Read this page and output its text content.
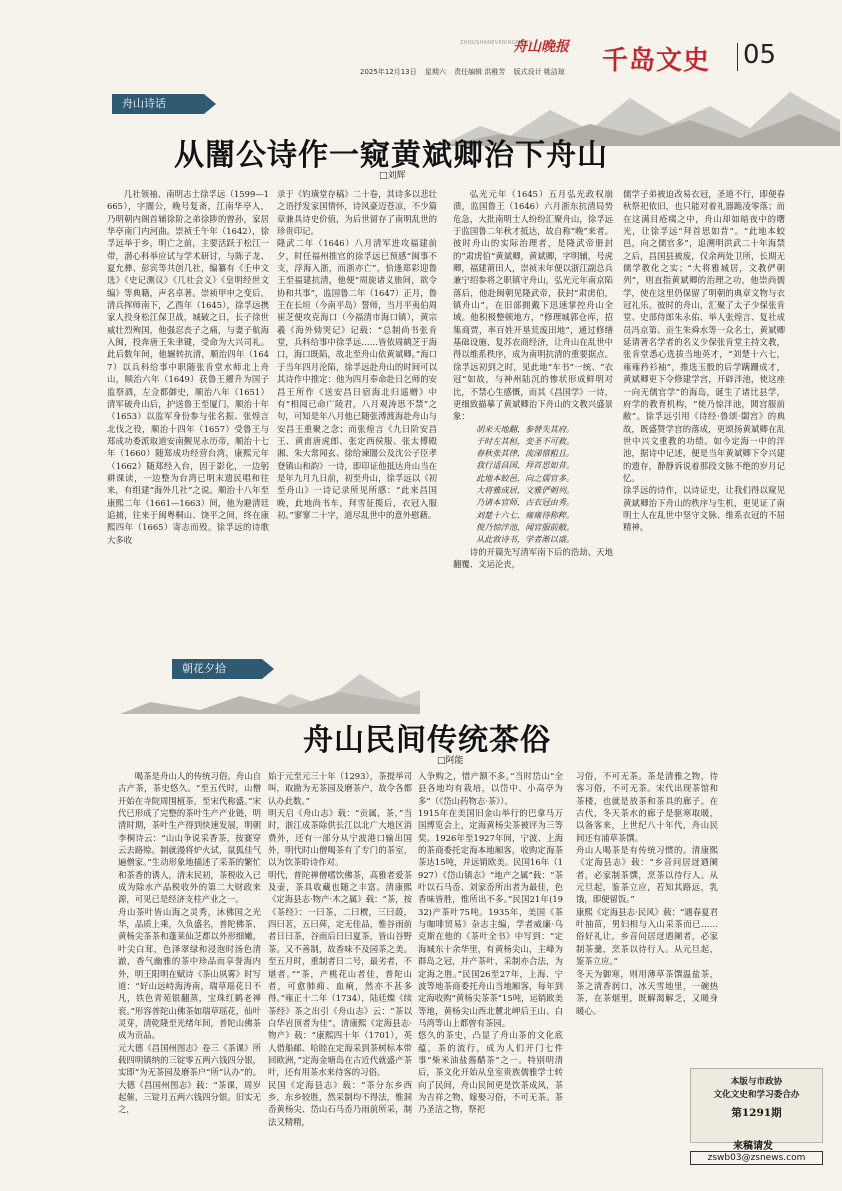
2025年12月13日 星期六 责任编辑 洪稚芳 版式设计 姚洁琼
ZHOUSHANEVENINGNEWS
舟山晚报 千岛文史 05
舟山诗话
从闇公诗作一窥黄斌卿治下舟山
□刘辉

几社领袖、南明志士徐孚远（1599—1665），字闇公，晚号复斋，江南华亭人，乃明朝内阁首辅徐阶之弟徐陟的曾孙，家居华亭南门内河曲。崇祯壬午年（1642），徐孚远举于乡，明亡之前，主要活跃于松江一带，潜心科举应试与学术研讨，与陈子龙、夏允彝、彭宾等共创几社，编纂有《壬申文选》《史记测议》《几社会义》《皇明经世文编》等典籍，声名卓著。崇祯甲申之变后，清兵挥师南下，乙酉年（1645），徐孚远携家人投身松江保卫战，城破之日，长子徐世威壮烈殉国，他强忍丧子之痛，与妻子航海入闽，投奔唐王朱聿键，受命为大兴司礼。此后数年间，他辗转抗清，顺治四年（1647）以兵科给事中职随张肯堂水师北上舟山，顺治六年（1649）获鲁王擢升为国子监祭酒，左佥都御史，顺治八年（1651）清军破舟山后，护送鲁王至厦门，顺治十年（1653）以监军身份参与张名振、张煌言北伐之役，顺治十四年（1657）受鲁王与郑成功委派取道安南觐见永历帝，顺治十七年（1660）随郑成功经营台湾，康熙元年（1662）随郑经入台，因于影化，一边躬耕课读，一边整为台湾已明末遗民唱和往来，有组建“海外几社”之说。顺治十八年至康熙二年（1661—1663）间，他为避清廷追捕，往来于闽粤桐山、饶平之间，终在康熙四年（1665）寄志而殁。徐孚远的诗歌大多收

录于《钓璜堂存稿》二十卷，其诗多以悲壮之语抒发家国情怀，诗风豪迈苍凉，不少篇章兼具诗史价值，为后世留存了南明乱世的珍贵印记。
隆武二年（1646）八月清军进攻福建前夕，时任福州推官的徐孚远已预感“闽事不支，浮海入浙，而浙亦亡”，恰逢郑彩迎鲁王至福建抗清，他便“周旋诸义旅间，欲令协和共事”，监国鲁二年（1647）正月，鲁王在长垣（今南平岛）誓师，当月平夷伯周崔芝便攻克海口（今福清市海口镇），黄宗羲《海外恸哭记》记载：“总制尚书张肯堂，兵科给事中徐孚远……皆依周鹤芝于海口，海口既陷，故北至舟山依黄斌卿。”海口于当年四月沦陷，徐孚远赴舟山的时间可以其诗作中推定：他为四月奉命赴日乞师的安昌王所作《送安昌日宿海北归遥赠》中有“相阅已命广陵君，八月观涛思不禁”之句，可知是年八月他已随张溥渡海赴舟山与安昌王重聚之念；而张煌言《九日阶安昌王、黄甫唐虎郎、张定西侯服、张太傅殿湘、朱大常闻玄、徐给谏闇公及沈公子臣孝登镇山和韵》一诗，即印证他抵达舟山当在是年九月九日前，初至舟山，徐孚远以《初至舟山》一诗记录所见所感：“此来昌国晚，此地尚书车，拜雪征揽后，衣冠入服初。”寥寥二十字，道尽乱世中的意外慰藉。

弘光元年（1645）五月弘光政权崩溃，监国鲁王（1646）六月浙东抗清局势危急，大批南明士人纷纷汇聚舟山，徐孚远于监国鲁二年秋才抵达，故自称“晚”来者。彼时舟山的实际治理者，是隆武帝册封的“肃虏伯”黄斌卿，黄斌卿，字明辅，号虎卿，福建莆田人，崇祯末年便以浙江副总兵兼宁绍参将之职镇守舟山，弘光元年南京陷落后，他赴闽朝见隆武帝，获封“肃虏伯，镇舟山”，在旧部拥戴下迅速掌控舟山全域。他积极整顿地方，“修理城郭仓库，招集商贾，率百姓开垦荒废田地”，通过修缮基础设施、复苏农商经济，让舟山在乱世中得以维系秩序，成为南明抗清的重要据点。徐孚远初到之时，见此地“车书”一统、“衣冠”如故，与神州陆沉的惨状形成鲜明对比，不禁心生感慨，而其《昌国学》一诗，更细致描摹了黄斌卿治下舟山的文教兴盛景象：

胡来天地翻，参替失其府。
于时左其桓，变圣不可救。
春秋张其律，流涕惜粗且。
我行适昌国，拜首思如昔。
此地本蛟邑，向之儒官多。
大将雅成居，文雅俨朝列。
乃请本官师，古衣冠由秀。
刘楚十六七，雍雍待称粹。
俊乃惊泮池，闻官服前敝。
从此敦诗书，学者渐以盛。

诗的开篇先写清军南下后的浩劫、天地翻覆、文运沦丧，

儒学子弟被迫改易衣冠，圣道不行，即便春秋祭祀依旧，也只能对着礼器跪凌零落；而在这满目疮痍之中，舟山却如暗夜中的曙光，让徐孚远“拜首思如昔”。“此地本蛟邑，向之儒官多”，追溯明洪武二十年海禁之后，昌国县被废，仅余两处卫所，长期无儒学教化之实；“大将雅城居，文教俨朝列”，则直指黄斌卿的治理之功，他崇尚儒学，使在这里仍保留了明朝的典章文物与衣冠礼乐。彼时的舟山，汇聚了太子少保张肯堂、史部侍郎朱永佑、举人张煌言、复社成员冯京第、贡生朱舜水等一众名士，黄斌卿延请著名学者的名义少保张肯堂主持文教，张肯堂悉心选拔当地英才，“刘楚十六七，雍雍矜衫袖”，推选玉骰的后学蹒跚成才，黄斌卿更下令修建学宫，开辟泮池，使这座一向无儒官学”的海岛，诞生了诸比县学，府学的教育机构，“使乃惊泮池，閭宫服前敝”。徐孚远引用《诗经·鲁颂·閟宫》的典故，既盛赞学宫的落成，更颂扬黄斌卿在乱世中兴文重教的功绩。如今定海一中的泮池，据诗中记述，便是当年黄斌卿下令兴建的遗存，静静诉说着那段文脉不绝的岁月记忆。
徐孚远的诗作，以诗证史，让我们得以窥见黄斌卿治下舟山的秩序与生机，更见证了南明士人在乱世中坚守文脉、维系衣冠的不屈精神。

朝花夕拾
舟山民间传统茶俗
□阿能

喝茶是舟山人的传统习俗。舟山自古产茶，茶史悠久。“至五代时，山僧开始在寺院周围植茶，至宋代称盛。”宋代已形成了完整的茶叶生产产业链，明清时期，茶叶生产得到快速发展，明朝李桐诗云：“山山争说采香茶，按赛穿云去路赊。制就漫将炉火试，鼠狐佳气遍僧家。”生动形象地描述了采茶的繁忙和茶香的诱人，清末民初，茶税收入已成为除水产品税收外的第二大财政来源，可见已是经济支柱产业之一。
舟山茶叶皆山海之灵秀，沐佛国之光华，品质上乘，久负盛名，普陀佛茶、黄杨尖茶茶和蓬莱仙芝都以外形细嫩，叶尖白茸，色泽翠绿和浸泡时汤色清澈，香气幽雅的茶中珍品而享誉海内外，明王阳明在赋诗《茶山夙雾》时写道：“好山远峙海涛南，瑞草瑶花日不凡，铁色青苑银翻蒸，宝珠红鹤老禅衮。”形容普陀山佛茶如瑞草瑶花，仙叶灵芽，清乾隆至光绪年间，普陀山佛茶成为贡品。
元大德《昌国州图志》卷三《茶课》所载四明镇纳的三锭零五两六钱四分银，实即“为无茶园及磨茶户“所”认办”的。大德《昌国州图志》载：“茶课，周岁起催，三锭月五两六钱四分银。旧实无之，

始于元至元三十年（1293），茶提举司叫，取勘为无茶园及磨茶户，故令各都认办此数。”
明天启《舟山志》载：“贡属，茶，”当时，浙江成茶除供长江以北广大地区消费外，还有一部分从宁波港口输出国外，明代时山僧喝茶有了专门的茶室，以为饮茶聆诗作对。
明代，普陀禅僧嗜饮佛茶，高雅者爱茶及壶，茶具收藏也随之丰富。清康熙《定海县志·物产·木之属》载：“茶，按《茶经》：一曰茶，二曰槚，三曰蔎，四曰茗，五曰荈，定无佳品，惟谷雨前者日曰茶，谷雨后日曰夏茶，皆山谷野茶。又不善制，故香味不及园茶之美。至五月时，重制者日二号，最劣者，不堪者。”“茶，产桃花山者佳，普陀山者，可愈肺痈、血痢，然亦不甚多得。”雍正十二年（1734），陆廷燦《续茶经》茶之出引《舟山志》云：“茶以白华岩顶者为佳”。清康熙《定海县志·物产》载：“康熙四十年（1701），英人借船邮、哈睦在定海采到茶树标本带回欧洲，”定海金塘岛在古近代就盛产茶叶，还有用茶水来待客的习俗。
民国《定海县志》载：“茶分东乡西乡，东乡较胜，然采制均不得法，惟洞岙黄杨尖、岱山石马岙乃雨前所采，制法又精精，

入争购之，惜产额不多。”当时岱山“全县各地均有栽培，以岱中、小高亭为多”（《岱山药物志·茶》）。
1915年在美国旧金山举行的巴拿马万国博览会上，定海黄杨尖茶被评为三等奖。1926年至1927年间，宁波、上海的茶商委托定海本地厢客，收购定海茶茶达15吨，并远销欧美。民国16年（1927）《岱山镇志》“地产之属”载：“茶叶以石马岙、刘家岙所出者为最佳，色香味皆胜，惟所出不多。”民国21年(1932)产茶叶75吨。1935年，美国《茶与咖啡贸易》杂志主编，学者威廉·乌克斯在他的《茶叶全书》中写到：“定海城东十余华里，有黄杨尖山，主峰为群岛之冠，并产茶叶，采制亦合法，为定海之胜。”民国26至27年，上海、宁波等地茶商委托舟山当地厢客，每年到定海收购“黄杨尖茶茶”15吨，运销欧美等地，黄杨尖山西北麓北岬后王山、白马湾等山上都曾有茶园。
悠久的茶史，凸显了舟山茶的文化底蕴，茶的流行，成为人们开门七件事“柴米油盐酱醋茶”之一。特别明清后，茶文化开始从皇室贵族儒雅学士转向了民间，舟山民间更是饮茶成风，茶为吉祥之物，嫁娶习俗，不可无茶。茶乃圣洁之物，祭祀

习俗，不可无茶。茶是清雅之物，待客习俗，不可无茶。宋代出现茶馆和茶楼，也就是放茶和茶具的廊子。在古代，冬天茶水的廊子是驱寒取暖，以备客来，上世纪八十年代，舟山民间还有浦草茶馔。
舟山人喝茶是有传统习惯的。清康熙《定海县志》载：“乡音问居迓迺阑者，必家制茶馔，烹茶以待行人。从元旦起，鉴茶立应，若知其路远，乳饿，即便留饭。”
康熙《定海县志·民风》载：“遇春夏君叶抽苗，男妇相与入山采茶而已……俗好礼让，乡音问居迓迺阑者，必家制茶羹，烹茶以待行人。从元旦起，鉴茶立应。”
冬天为御寒，则用薄草茶馔温盐茶，茶之清香润口，冰天雪地里，一碗热茶，在茶烟里，既解渴解乏，又暖身暖心。

本版与市政协
文化文史和学习委合办
第1291期
来稿请发
zswb03@zsnews.com
